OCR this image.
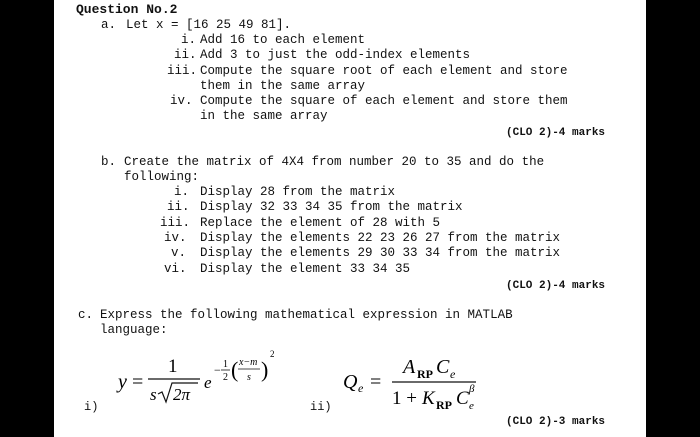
Question No.2
a. Let x = [16 25 49 81].
i. Add 16 to each element
ii. Add 3 to just the odd-index elements
iii. Compute the square root of each element and store
them in the same array
iv. Compute the square of each element and store them
in the same array
(CLO 2)-4 marks
b. Create the matrix of 4X4 from number 20 to 35 and do the
following:
i. Display 28 from the matrix
ii. Display 32 33 34 35 from the matrix
iii. Replace the element of 28 with 5
iv. Display the elements 22 23 26 27 from the matrix
v. Display the elements 29 30 33 34 from the matrix
vi. Display the element 33 34 35
(CLO 2)-4 marks
c. Express the following mathematical expression in MATLAB
language:
i)
y =
1
s 2π
e
− 1
2 ( x−m
s )
2
ii)
Q e =
A RP C e
1 + K RP C e
β
(CLO 2)-3 marks
